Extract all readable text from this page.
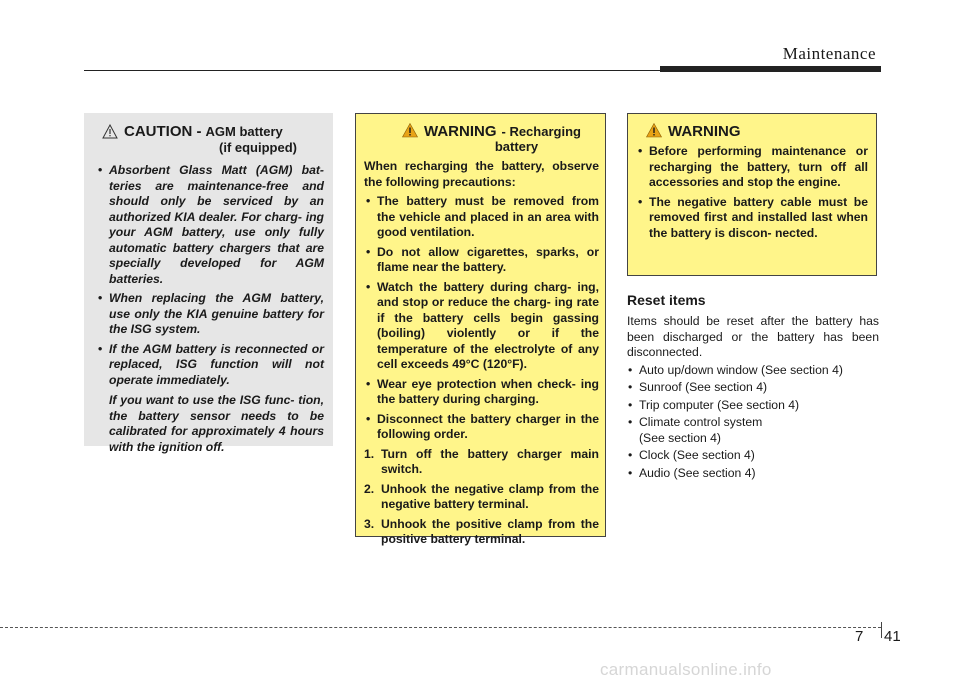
Maintenance
CAUTION - AGM battery
(if equipped)
• Absorbent Glass Matt (AGM) bat- teries are maintenance-free and should only be serviced by an authorized KIA dealer. For charg- ing your AGM battery, use only fully automatic battery chargers that are specially developed for AGM batteries.
• When replacing the AGM battery, use only the KIA genuine battery for the ISG system.
• If the AGM battery is reconnected or replaced, ISG function will not operate immediately.

If you want to use the ISG func- tion, the battery sensor needs to be calibrated for approximately 4 hours with the ignition off.

WARNING - Recharging
battery
When recharging the battery, observe the following precautions:
• The battery must be removed from the vehicle and placed in an area with good ventilation.
• Do not allow cigarettes, sparks, or flame near the battery.
• Watch the battery during charg- ing, and stop or reduce the charg- ing rate if the battery cells begin gassing (boiling) violently or if the temperature of the electrolyte of any cell exceeds 49°C (120°F).
• Wear eye protection when check- ing the battery during charging.
• Disconnect the battery charger in the following order.
1. Turn off the battery charger main switch.
2. Unhook the negative clamp from the negative battery terminal.
3. Unhook the positive clamp from the positive battery terminal.
WARNING
• Before performing maintenance or recharging the battery, turn off all accessories and stop the engine.
• The negative battery cable must be removed first and installed last when the battery is discon- nected.
Reset items
Items should be reset after the battery has been discharged or the battery has been disconnected.
• Auto up/down window (See section 4)
• Sunroof (See section 4)
• Trip computer (See section 4)
• Climate control system
(See section 4)
• Clock (See section 4)
• Audio (See section 4)
7 41
carmanualsonline.info
